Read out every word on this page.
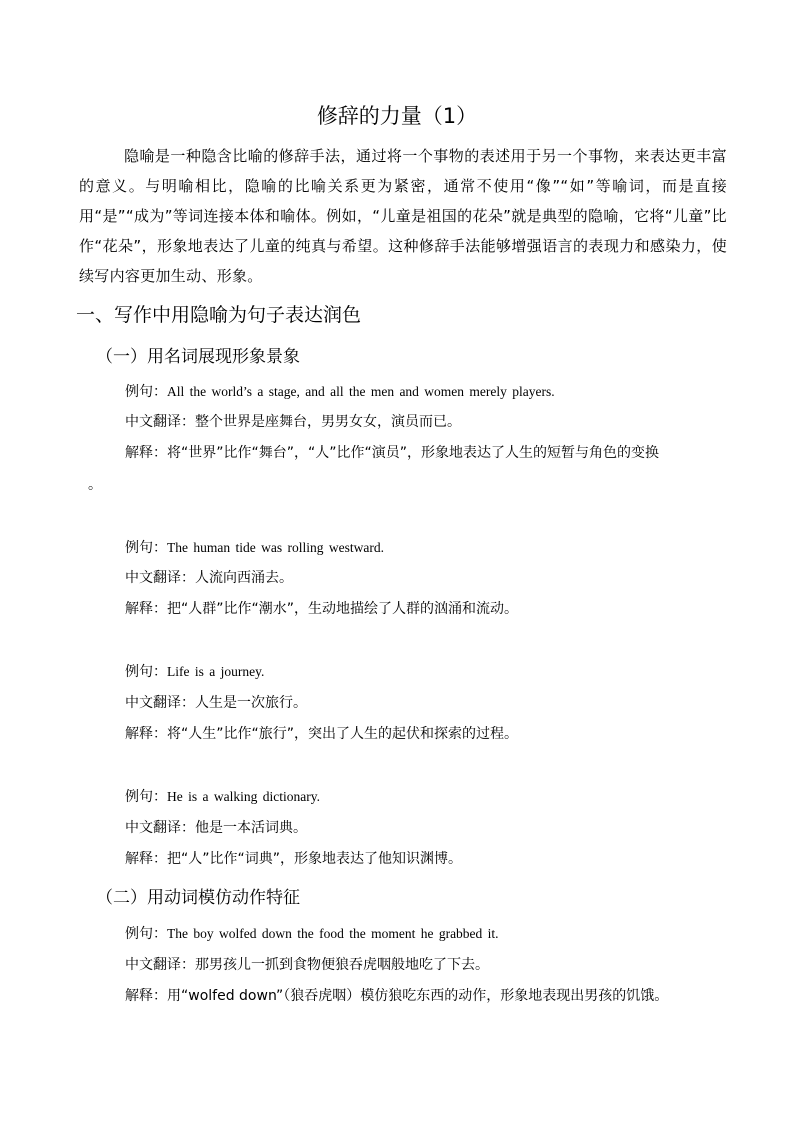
修辞的力量（1）
隐喻是一种隐含比喻的修辞手法，通过将一个事物的表述用于另一个事物，来表达更丰富的意义。与明喻相比，隐喻的比喻关系更为紧密，通常不使用“像”“如”等喻词，而是直接用“是”“成为”等词连接本体和喻体。例如，“儿童是祖国的花朵”就是典型的隐喻，它将“儿童”比作“花朵”，形象地表达了儿童的纯真与希望。这种修辞手法能够增强语言的表现力和感染力，使续写内容更加生动、形象。
一、写作中用隐喻为句子表达润色
（一）用名词展现形象景象
例句：All the world’s a stage, and all the men and women merely players.
中文翻译：整个世界是座舞台，男男女女，演员而已。
解释：将“世界”比作“舞台”，“人”比作“演员”，形象地表达了人生的短暂与角色的变换
。
例句：The human tide was rolling westward.
中文翻译：人流向西涌去。
解释：把“人群”比作“潮水”，生动地描绘了人群的汹涌和流动。
例句：Life is a journey.
中文翻译：人生是一次旅行。
解释：将“人生”比作“旅行”，突出了人生的起伏和探索的过程。
例句：He is a walking dictionary.
中文翻译：他是一本活词典。
解释：把“人”比作“词典”，形象地表达了他知识渊博。
（二）用动词模仿动作特征
例句：The boy wolfed down the food the moment he grabbed it.
中文翻译：那男孩儿一抓到食物便狼吞虎咽般地吃了下去。
解释：用“wolfed down”（狼吞虎咽）模仿狼吃东西的动作，形象地表现出男孩的饥饿。
